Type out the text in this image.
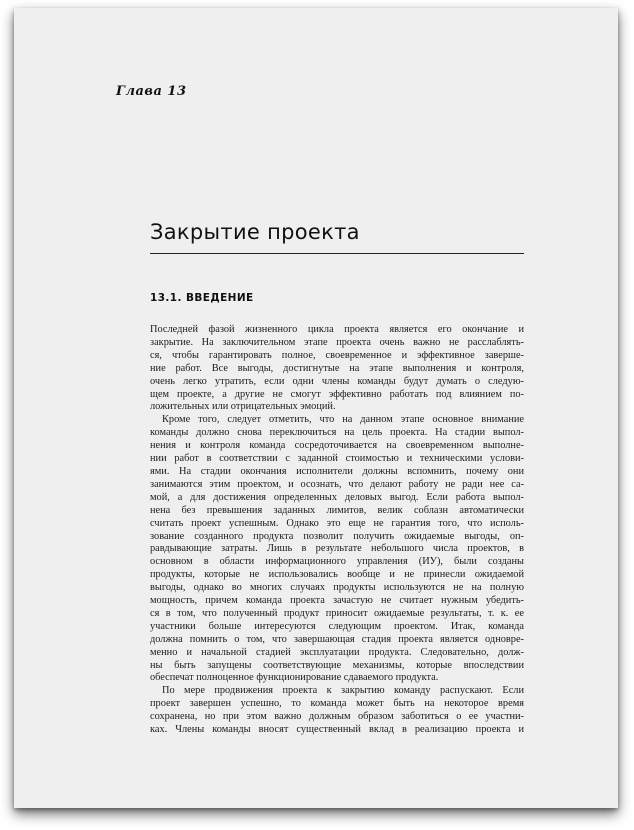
Глава 13
Закрытие проекта
13.1. ВВЕДЕНИЕ
Последней фазой жизненного цикла проекта является его окончание и
закрытие. На заключительном этапе проекта очень важно не расслаблять-
ся, чтобы гарантировать полное, своевременное и эффективное заверше-
ние работ. Все выгоды, достигнутые на этапе выполнения и контроля,
очень легко утратить, если одни члены команды будут думать о следую-
щем проекте, а другие не смогут эффективно работать под влиянием по-
ложительных или отрицательных эмоций.
Кроме того, следует отметить, что на данном этапе основное внимание
команды должно снова переключиться на цель проекта. На стадии выпол-
нения и контроля команда сосредоточивается на своевременном выполне-
нии работ в соответствии с заданной стоимостью и техническими услови-
ями. На стадии окончания исполнители должны вспомнить, почему они
занимаются этим проектом, и осознать, что делают работу не ради нее са-
мой, а для достижения определенных деловых выгод. Если работа выпол-
нена без превышения заданных лимитов, велик соблазн автоматически
считать проект успешным. Однако это еще не гарантия того, что исполь-
зование созданного продукта позволит получить ожидаемые выгоды, оп-
равдывающие затраты. Лишь в результате небольшого числа проектов, в
основном в области информационного управления (ИУ), были созданы
продукты, которые не использовались вообще и не принесли ожидаемой
выгоды, однако во многих случаях продукты используются не на полную
мощность, причем команда проекта зачастую не считает нужным убедить-
ся в том, что полученный продукт приносит ожидаемые результаты, т. к. ее
участники больше интересуются следующим проектом. Итак, команда
должна помнить о том, что завершающая стадия проекта является одновре-
менно и начальной стадией эксплуатации продукта. Следовательно, долж-
ны быть запущены соответствующие механизмы, которые впоследствии
обеспечат полноценное функционирование сдаваемого продукта.
По мере продвижения проекта к закрытию команду распускают. Если
проект завершен успешно, то команда может быть на некоторое время
сохранена, но при этом важно должным образом заботиться о ее участни-
ках. Члены команды вносят существенный вклад в реализацию проекта и
